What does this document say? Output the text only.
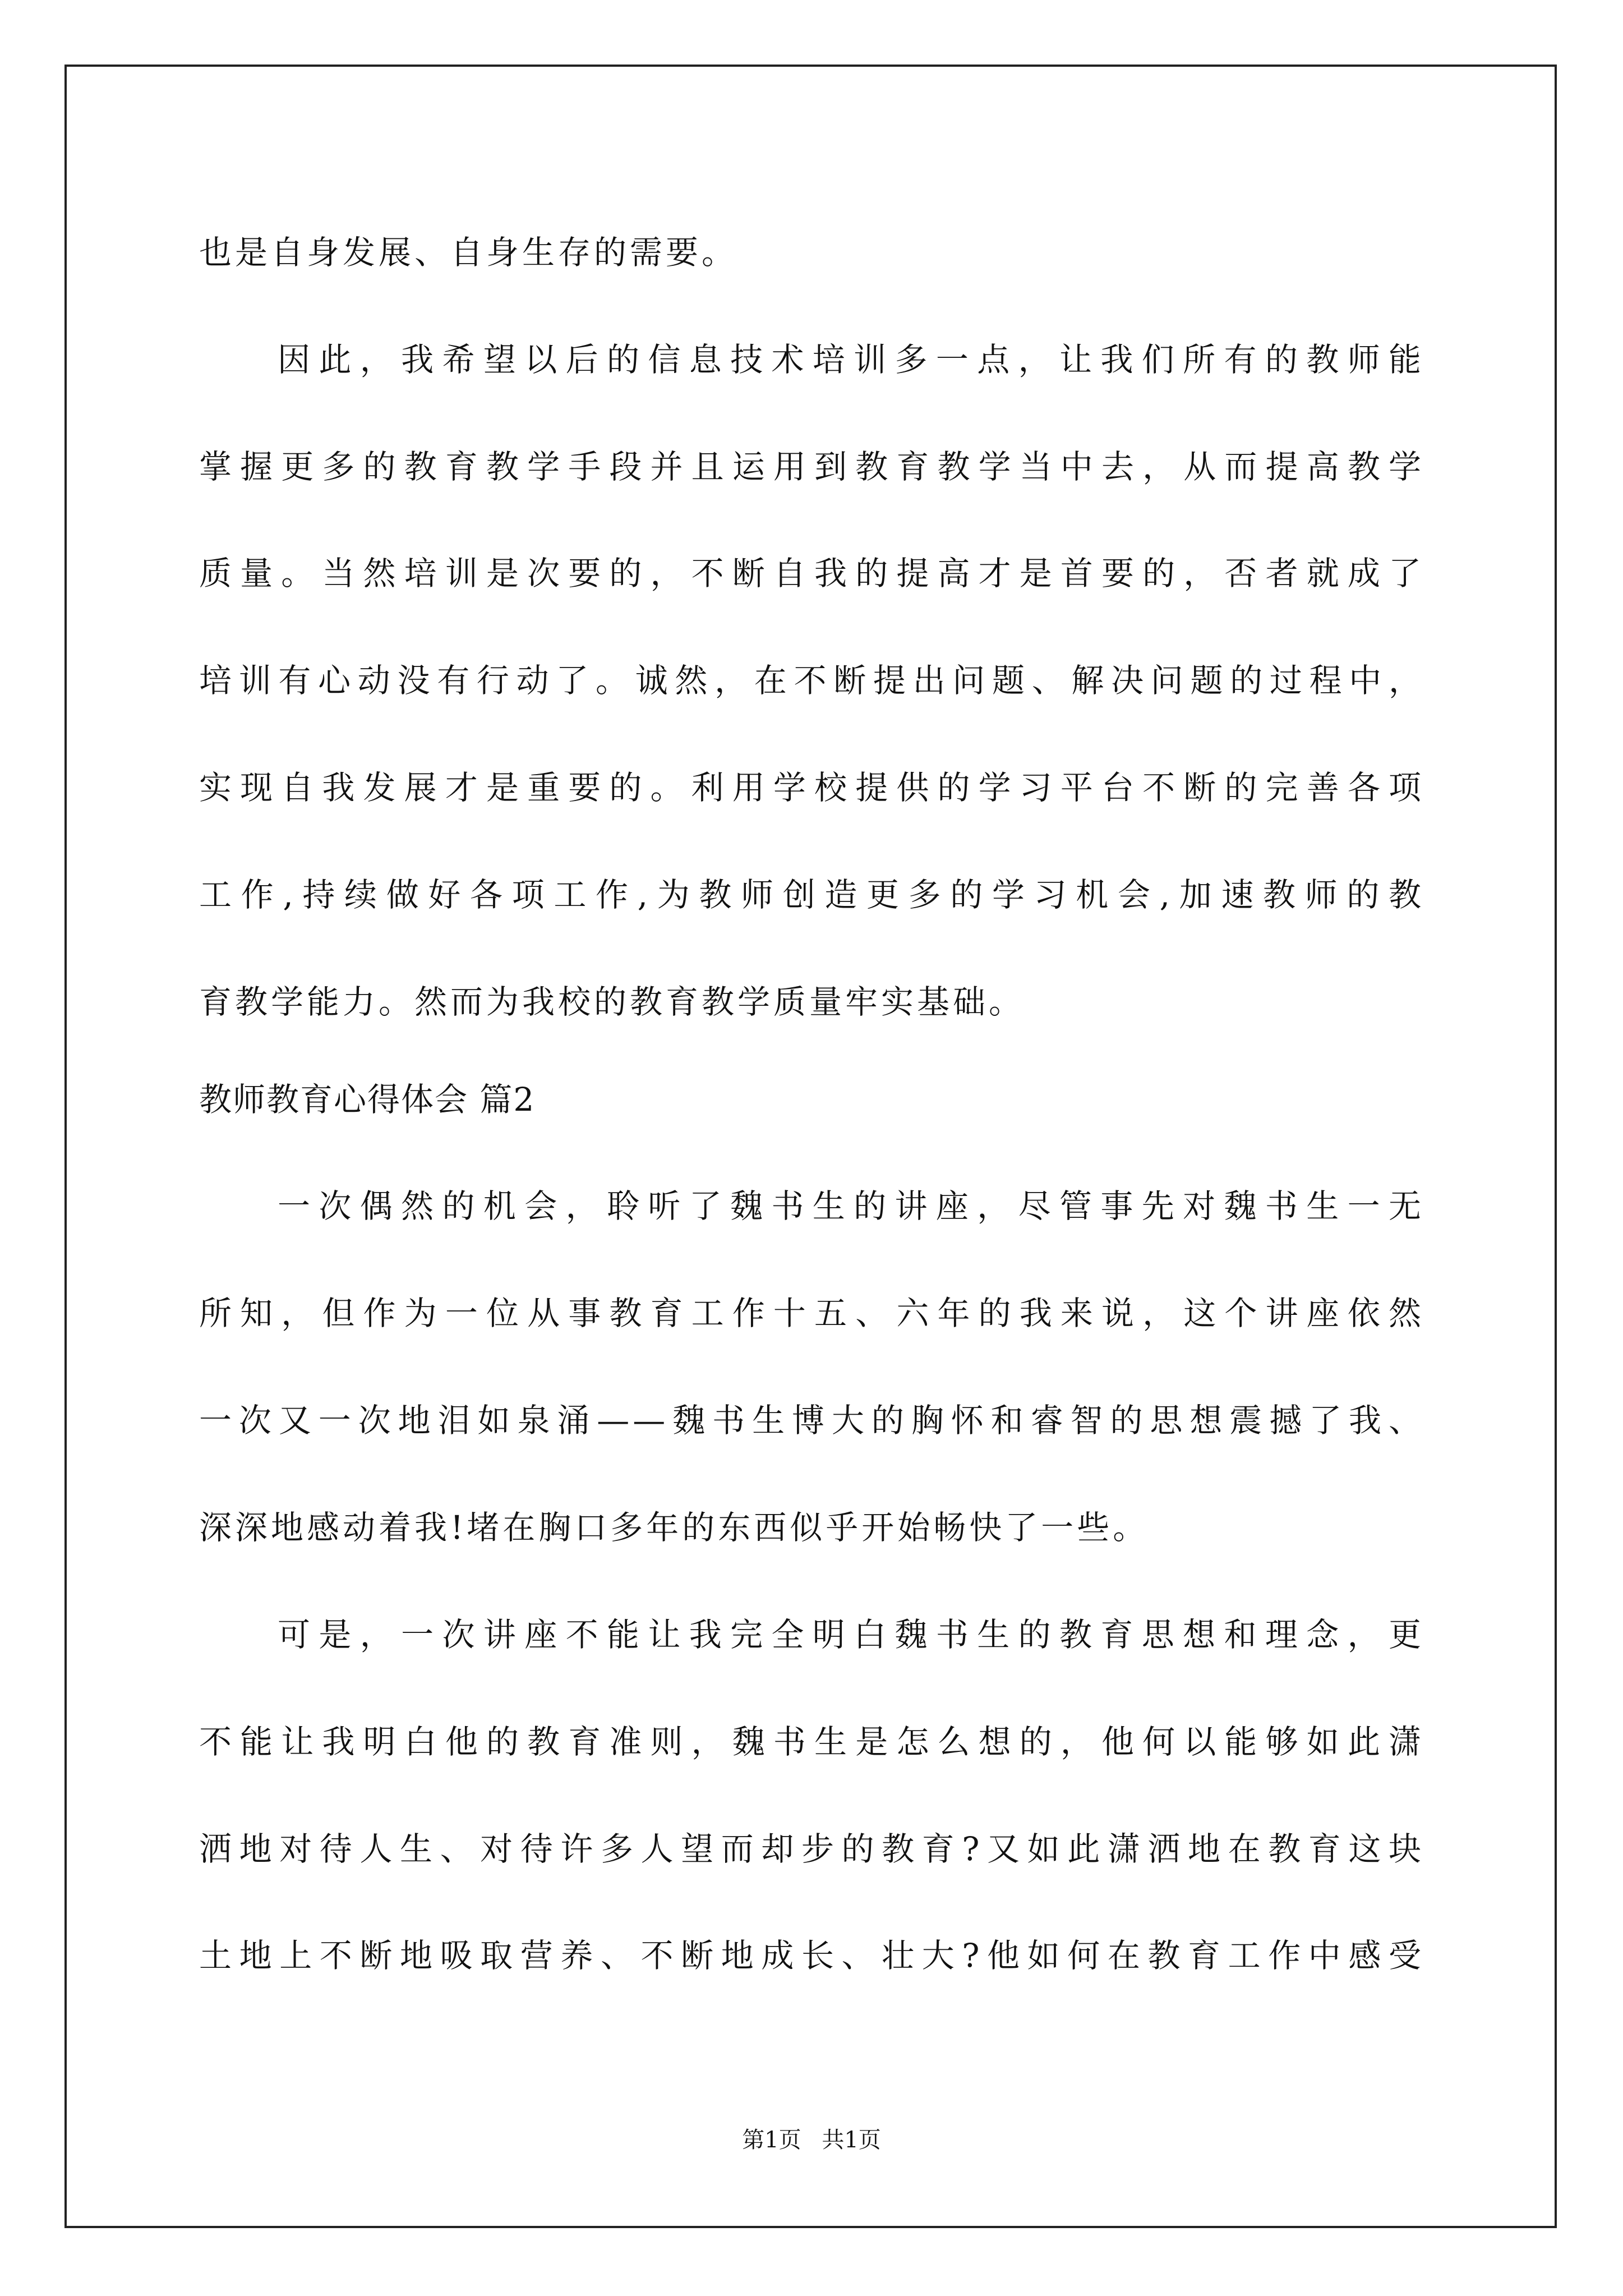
也是自身发展、自身生存的需要。
因此，我希望以后的信息技术培训多一点，让我们所有的教师能
掌握更多的教育教学手段并且运用到教育教学当中去，从而提高教学
质量。当然培训是次要的，不断自我的提高才是首要的，否者就成了
培训有心动没有行动了。诚然，在不断提出问题、解决问题的过程中，
实现自我发展才是重要的。利用学校提供的学习平台不断的完善各项
工作,持续做好各项工作,为教师创造更多的学习机会,加速教师的教
育教学能力。然而为我校的教育教学质量牢实基础。
教师教育心得体会 篇2
一次偶然的机会，聆听了魏书生的讲座，尽管事先对魏书生一无
所知，但作为一位从事教育工作十五、六年的我来说，这个讲座依然
一次又一次地泪如泉涌——魏书生博大的胸怀和睿智的思想震撼了我、
深深地感动着我!堵在胸口多年的东西似乎开始畅快了一些。
可是，一次讲座不能让我完全明白魏书生的教育思想和理念，更
不能让我明白他的教育准则，魏书生是怎么想的，他何以能够如此潇
洒地对待人生、对待许多人望而却步的教育?又如此潇洒地在教育这块
土地上不断地吸取营养、不断地成长、壮大?他如何在教育工作中感受
第1页 共1页
